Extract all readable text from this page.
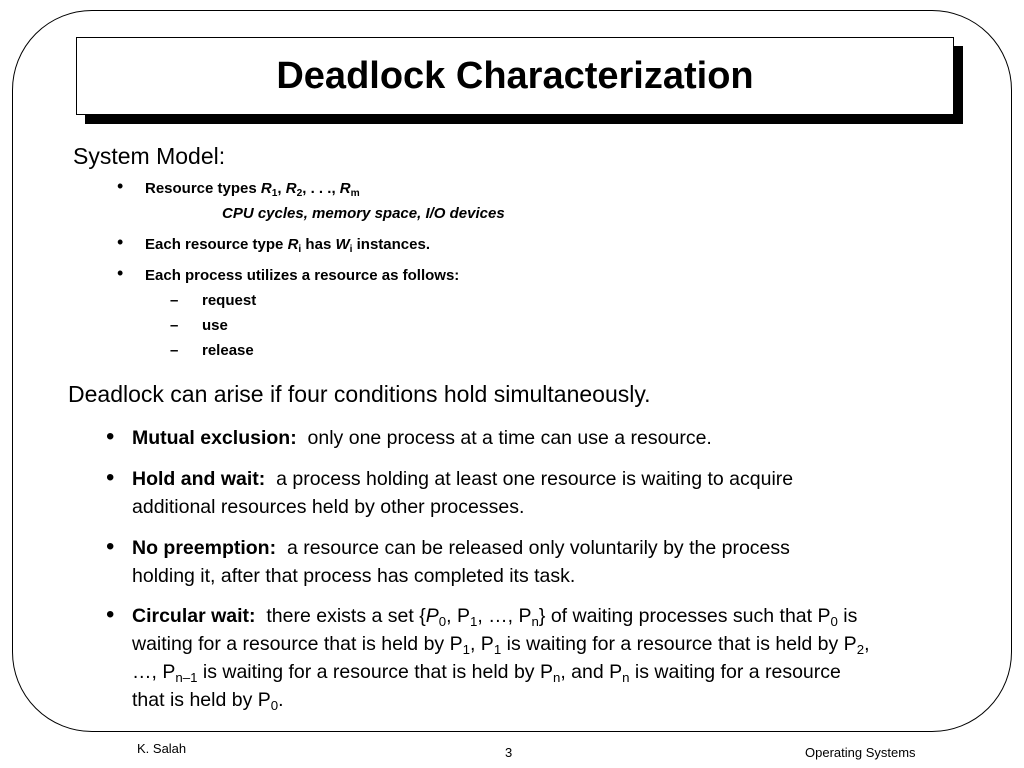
Deadlock Characterization
System Model:
• Resource types $R_1$, $R_2$, . . ., $R_m$
CPU cycles, memory space, I/O devices
• Each resource type $R_i$ has $W_i$ instances.
• Each process utilizes a resource as follows:
– request
– use
– release
Deadlock can arise if four conditions hold simultaneously.
• Mutual exclusion: only one process at a time can use a resource.
• Hold and wait: a process holding at least one resource is waiting to acquire additional resources held by other processes.
• No preemption: a resource can be released only voluntarily by the process holding it, after that process has completed its task.
• Circular wait: there exists a set {$P_0$, $P_1$, …, $P_n$} of waiting processes such that $P_0$ is waiting for a resource that is held by $P_1$, $P_1$ is waiting for a resource that is held by $P_2$, …, $P_{n-1}$ is waiting for a resource that is held by $P_n$, and $P_n$ is waiting for a resource that is held by $P_0$.
K. Salah	3	Operating Systems
